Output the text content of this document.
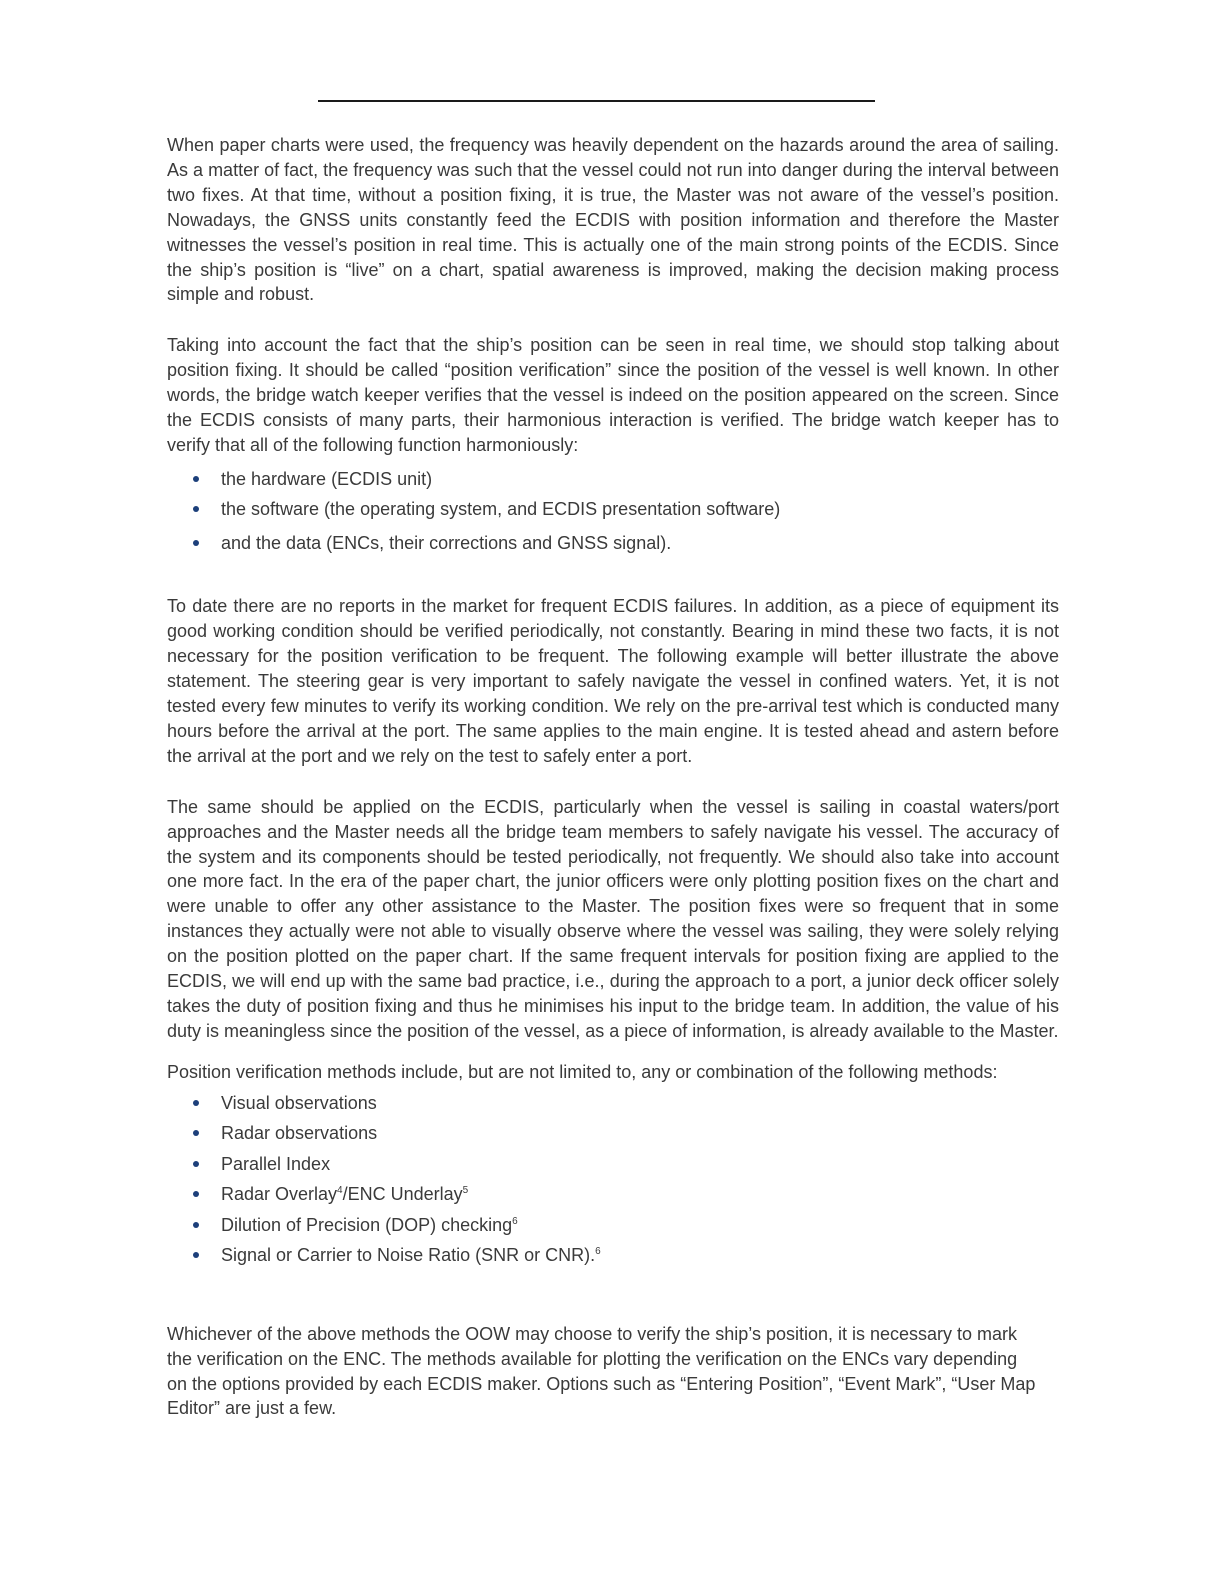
When paper charts were used, the frequency was heavily dependent on the hazards around the area of sailing. As a matter of fact, the frequency was such that the vessel could not run into danger during the interval between two fixes. At that time, without a position fixing, it is true, the Master was not aware of the vessel’s position. Nowadays, the GNSS units constantly feed the ECDIS with position information and therefore the Master witnesses the vessel’s position in real time. This is actually one of the main strong points of the ECDIS. Since the ship’s position is “live” on a chart, spatial awareness is improved, making the decision making process simple and robust.

Taking into account the fact that the ship’s position can be seen in real time, we should stop talking about position fixing. It should be called “position verification” since the position of the vessel is well known. In other words, the bridge watch keeper verifies that the vessel is indeed on the position appeared on the screen. Since the ECDIS consists of many parts, their harmonious interaction is verified. The bridge watch keeper has to verify that all of the following function harmoniously:

the hardware (ECDIS unit)
the software (the operating system, and ECDIS presentation software)
and the data (ENCs, their corrections and GNSS signal).

To date there are no reports in the market for frequent ECDIS failures. In addition, as a piece of equipment its good working condition should be verified periodically, not constantly. Bearing in mind these two facts, it is not necessary for the position verification to be frequent. The following example will better illustrate the above statement. The steering gear is very important to safely navigate the vessel in confined waters. Yet, it is not tested every few minutes to verify its working condition. We rely on the pre-arrival test which is conducted many hours before the arrival at the port. The same applies to the main engine. It is tested ahead and astern before the arrival at the port and we rely on the test to safely enter a port.

The same should be applied on the ECDIS, particularly when the vessel is sailing in coastal waters/port approaches and the Master needs all the bridge team members to safely navigate his vessel. The accuracy of the system and its components should be tested periodically, not frequently. We should also take into account one more fact. In the era of the paper chart, the junior officers were only plotting position fixes on the chart and were unable to offer any other assistance to the Master. The position fixes were so frequent that in some instances they actually were not able to visually observe where the vessel was sailing, they were solely relying on the position plotted on the paper chart. If the same frequent intervals for position fixing are applied to the ECDIS, we will end up with the same bad practice, i.e., during the approach to a port, a junior deck officer solely takes the duty of position fixing and thus he minimises his input to the bridge team. In addition, the value of his duty is meaningless since the position of the vessel, as a piece of information, is already available to the Master.

Position verification methods include, but are not limited to, any or combination of the following methods:

Visual observations
Radar observations
Parallel Index
Radar Overlay$^4$/ENC Underlay$^5$
Dilution of Precision (DOP) checking$^6$
Signal or Carrier to Noise Ratio (SNR or CNR).$^6$

Whichever of the above methods the OOW may choose to verify the ship’s position, it is necessary to mark the verification on the ENC. The methods available for plotting the verification on the ENCs vary depending on the options provided by each ECDIS maker. Options such as “Entering Position”, “Event Mark”, “User Map Editor” are just a few.
